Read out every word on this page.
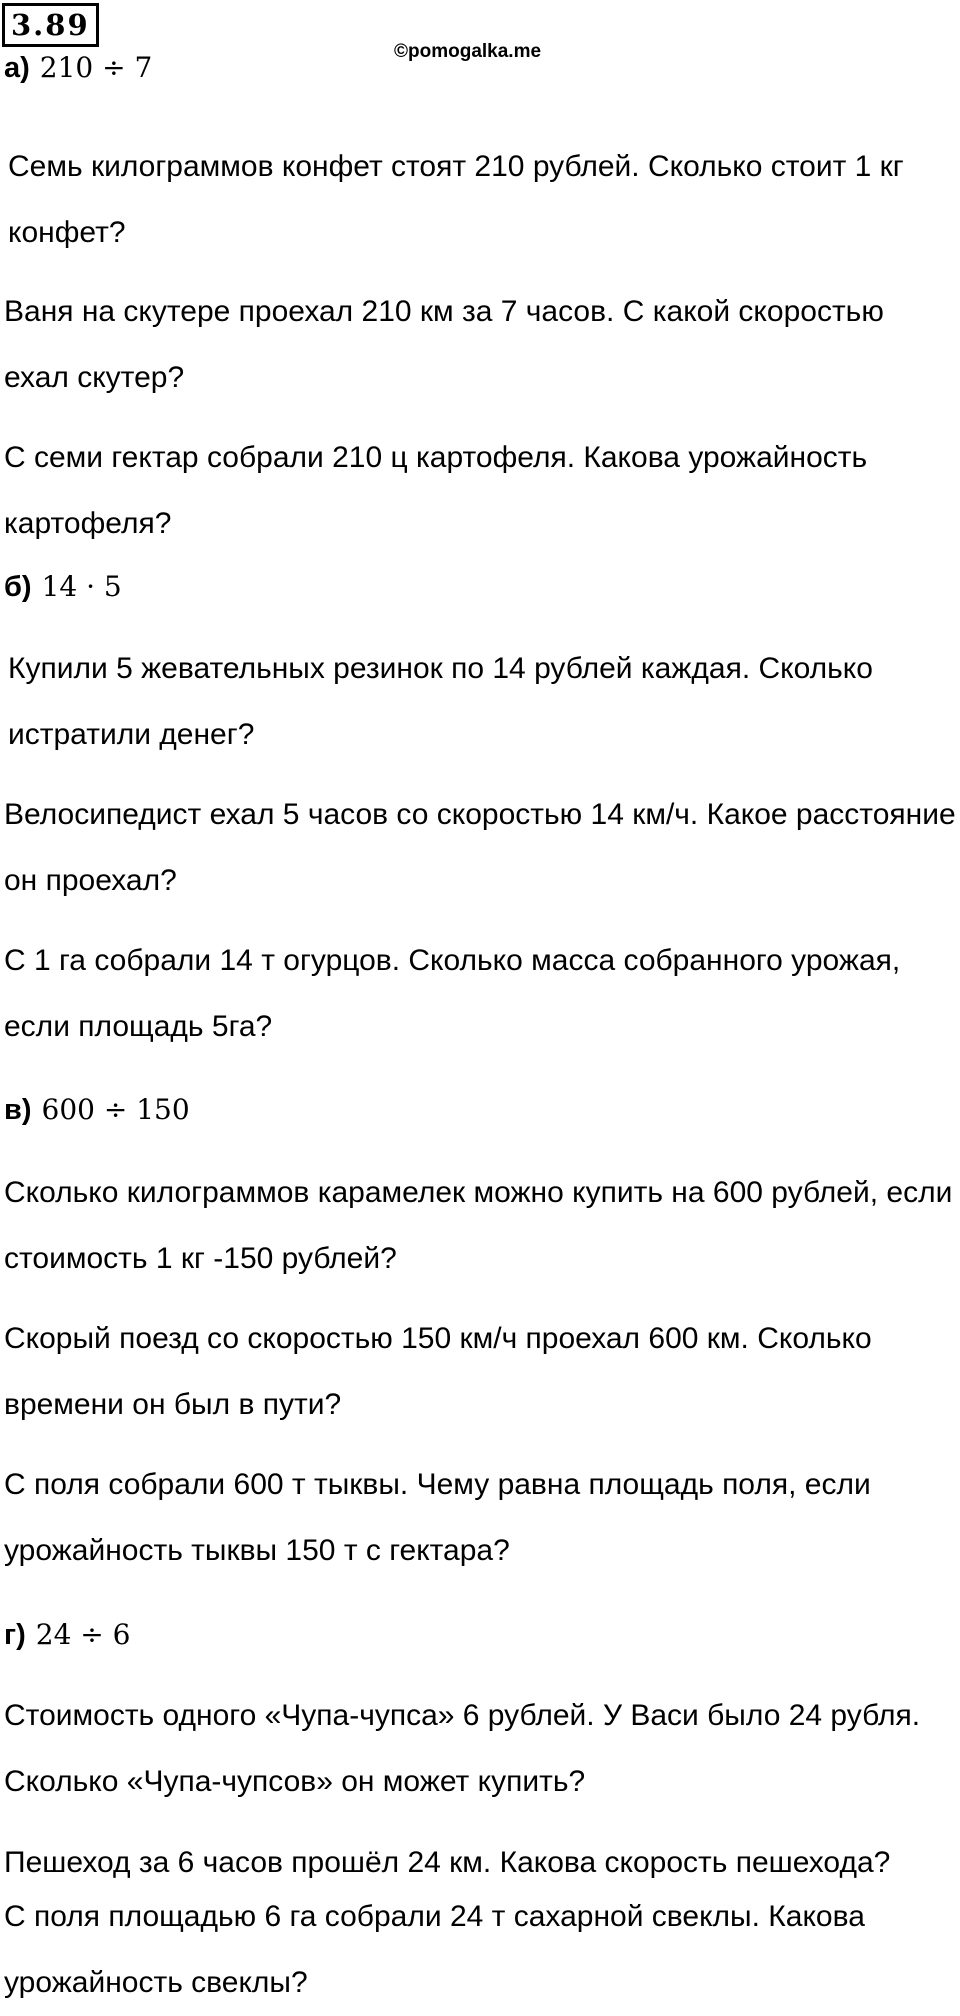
3.89
©pomogalka.me
а) 210 ÷ 7

Семь килограммов конфет стоят 210 рублей. Сколько стоит 1 кг конфет?

Ваня на скутере проехал 210 км за 7 часов. С какой скоростью ехал скутер?

С семи гектар собрали 210 ц картофеля. Какова урожайность картофеля?

б) 14 · 5

Купили 5 жевательных резинок по 14 рублей каждая. Сколько истратили денег?

Велосипедист ехал 5 часов со скоростью 14 км/ч. Какое расстояние он проехал?

С 1 га собрали 14 т огурцов. Сколько масса собранного урожая, если площадь 5га?

в) 600 ÷ 150

Сколько килограммов карамелек можно купить на 600 рублей, если стоимость 1 кг -150 рублей?

Скорый поезд со скоростью 150 км/ч проехал 600 км. Сколько времени он был в пути?

С поля собрали 600 т тыквы. Чему равна площадь поля, если урожайность тыквы 150 т с гектара?

г) 24 ÷ 6

Стоимость одного «Чупа-чупса» 6 рублей. У Васи было 24 рубля. Сколько «Чупа-чупсов» он может купить?

Пешеход за 6 часов прошёл 24 км. Какова скорость пешехода?

С поля площадью 6 га собрали 24 т сахарной свеклы. Какова урожайность свеклы?
